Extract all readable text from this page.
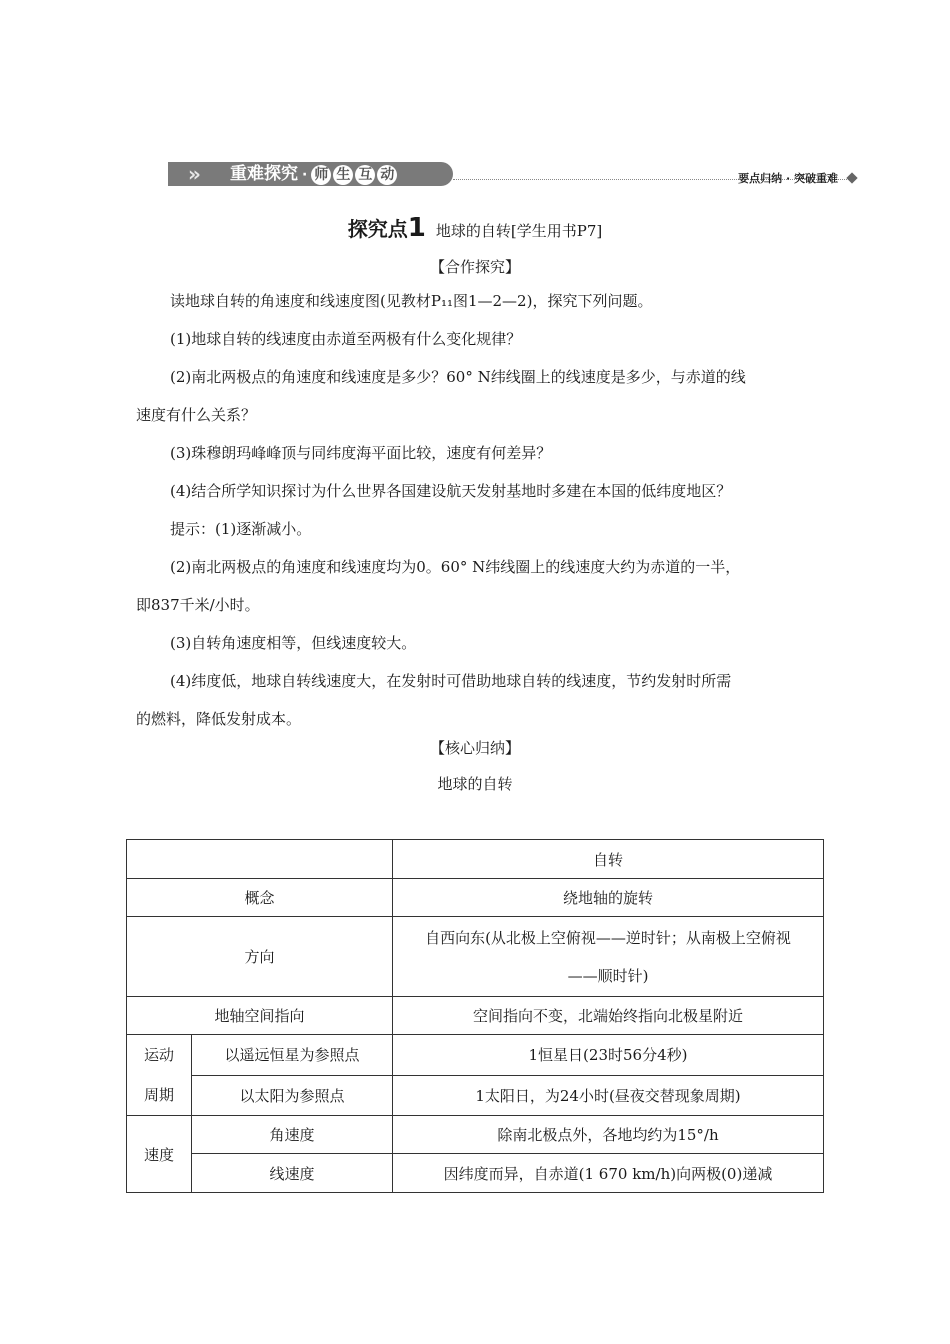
» 重难探究 · 师 生 互 动	要点归纳 · 突破重难
探究点1 地球的自转[学生用书P7]
【合作探究】
读地球自转的角速度和线速度图(见教材P₁₁图1—2—2)，探究下列问题。
(1)地球自转的线速度由赤道至两极有什么变化规律？
(2)南北两极点的角速度和线速度是多少？60° N纬线圈上的线速度是多少，与赤道的线
速度有什么关系？
(3)珠穆朗玛峰峰顶与同纬度海平面比较，速度有何差异？
(4)结合所学知识探讨为什么世界各国建设航天发射基地时多建在本国的低纬度地区？
提示：(1)逐渐减小。
(2)南北两极点的角速度和线速度均为0。60° N纬线圈上的线速度大约为赤道的一半，
即837千米/小时。
(3)自转角速度相等，但线速度较大。
(4)纬度低，地球自转线速度大，在发射时可借助地球自转的线速度，节约发射时所需
的燃料，降低发射成本。
【核心归纳】
地球的自转
		自转
概念		绕地轴的旋转
方向		自西向东(从北极上空俯视——逆时针；从南极上空俯视
——顺时针)

地轴空间指向		空间指向不变，北端始终指向北极星附近

运动
周期	以遥远恒星为参照点	1恒星日(23时56分4秒)
	以太阳为参照点	1太阳日，为24小时(昼夜交替现象周期)
速度	角速度	除南北极点外，各地均约为15°/h
	线速度	因纬度而异，自赤道(1 670 km/h)向两极(0)递减
